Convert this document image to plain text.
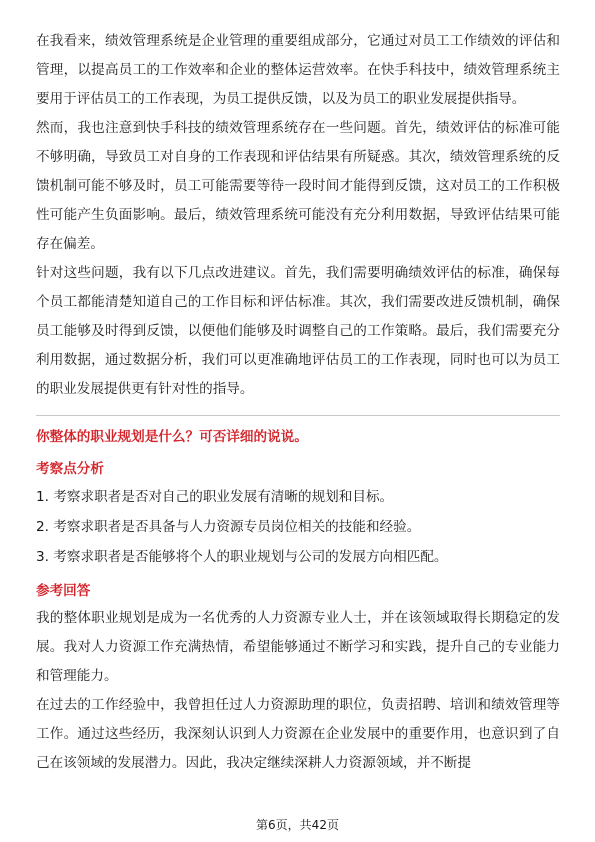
在我看来，绩效管理系统是企业管理的重要组成部分，它通过对员工工作绩效的评估和管理，以提高员工的工作效率和企业的整体运营效率。在快手科技中，绩效管理系统主要用于评估员工的工作表现，为员工提供反馈，以及为员工的职业发展提供指导。

然而，我也注意到快手科技的绩效管理系统存在一些问题。首先，绩效评估的标准可能不够明确，导致员工对自身的工作表现和评估结果有所疑惑。其次，绩效管理系统的反馈机制可能不够及时，员工可能需要等待一段时间才能得到反馈，这对员工的工作积极性可能产生负面影响。最后，绩效管理系统可能没有充分利用数据，导致评估结果可能存在偏差。

针对这些问题，我有以下几点改进建议。首先，我们需要明确绩效评估的标准，确保每个员工都能清楚知道自己的工作目标和评估标准。其次，我们需要改进反馈机制，确保员工能够及时得到反馈，以便他们能够及时调整自己的工作策略。最后，我们需要充分利用数据，通过数据分析，我们可以更准确地评估员工的工作表现，同时也可以为员工的职业发展提供更有针对性的指导。

你整体的职业规划是什么？可否详细的说说。
考察点分析

1. 考察求职者是否对自己的职业发展有清晰的规划和目标。

2. 考察求职者是否具备与人力资源专员岗位相关的技能和经验。

3. 考察求职者是否能够将个人的职业规划与公司的发展方向相匹配。

参考回答

我的整体职业规划是成为一名优秀的人力资源专业人士，并在该领域取得长期稳定的发展。我对人力资源工作充满热情，希望能够通过不断学习和实践，提升自己的专业能力和管理能力。

在过去的工作经验中，我曾担任过人力资源助理的职位，负责招聘、培训和绩效管理等工作。通过这些经历，我深刻认识到人力资源在企业发展中的重要作用，也意识到了自己在该领域的发展潜力。因此，我决定继续深耕人力资源领域，并不断提

第6页，共42页
